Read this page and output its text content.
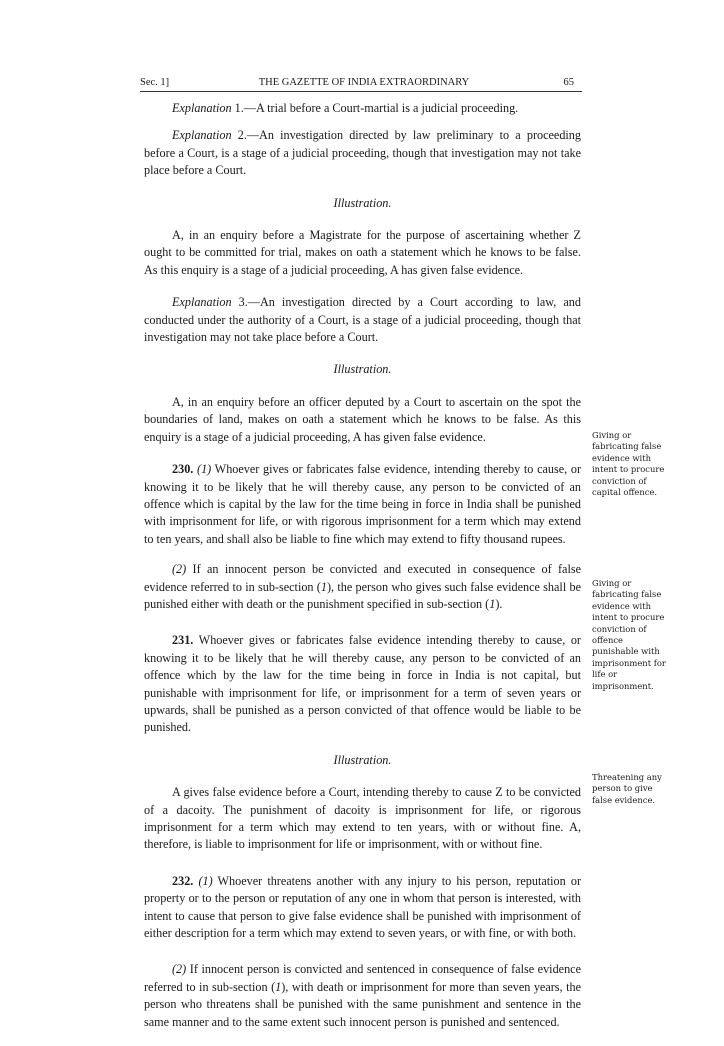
Sec. 1]	THE GAZETTE OF INDIA EXTRAORDINARY	65

Explanation 1.—A trial before a Court-martial is a judicial proceeding.

Explanation 2.—An investigation directed by law preliminary to a proceeding before a Court, is a stage of a judicial proceeding, though that investigation may not take place before a Court.

Illustration.

A, in an enquiry before a Magistrate for the purpose of ascertaining whether Z ought to be committed for trial, makes on oath a statement which he knows to be false. As this enquiry is a stage of a judicial proceeding, A has given false evidence.

Explanation 3.—An investigation directed by a Court according to law, and conducted under the authority of a Court, is a stage of a judicial proceeding, though that investigation may not take place before a Court.

Illustration.

A, in an enquiry before an officer deputed by a Court to ascertain on the spot the boundaries of land, makes on oath a statement which he knows to be false. As this enquiry is a stage of a judicial proceeding, A has given false evidence.

230. (1) Whoever gives or fabricates false evidence, intending thereby to cause, or knowing it to be likely that he will thereby cause, any person to be convicted of an offence which is capital by the law for the time being in force in India shall be punished with imprisonment for life, or with rigorous imprisonment for a term which may extend to ten years, and shall also be liable to fine which may extend to fifty thousand rupees.

(2) If an innocent person be convicted and executed in consequence of false evidence referred to in sub-section (1), the person who gives such false evidence shall be punished either with death or the punishment specified in sub-section (1).

231. Whoever gives or fabricates false evidence intending thereby to cause, or knowing it to be likely that he will thereby cause, any person to be convicted of an offence which by the law for the time being in force in India is not capital, but punishable with imprisonment for life, or imprisonment for a term of seven years or upwards, shall be punished as a person convicted of that offence would be liable to be punished.

Illustration.

A gives false evidence before a Court, intending thereby to cause Z to be convicted of a dacoity. The punishment of dacoity is imprisonment for life, or rigorous imprisonment for a term which may extend to ten years, with or without fine. A, therefore, is liable to imprisonment for life or imprisonment, with or without fine.

232. (1) Whoever threatens another with any injury to his person, reputation or property or to the person or reputation of any one in whom that person is interested, with intent to cause that person to give false evidence shall be punished with imprisonment of either description for a term which may extend to seven years, or with fine, or with both.

(2) If innocent person is convicted and sentenced in consequence of false evidence referred to in sub-section (1), with death or imprisonment for more than seven years, the person who threatens shall be punished with the same punishment and sentence in the same manner and to the same extent such innocent person is punished and sentenced.

Giving or fabricating false evidence with intent to procure conviction of capital offence.
Giving or fabricating false evidence with intent to procure conviction of offence punishable with imprisonment for life or imprisonment.
Threatening any person to give false evidence.
